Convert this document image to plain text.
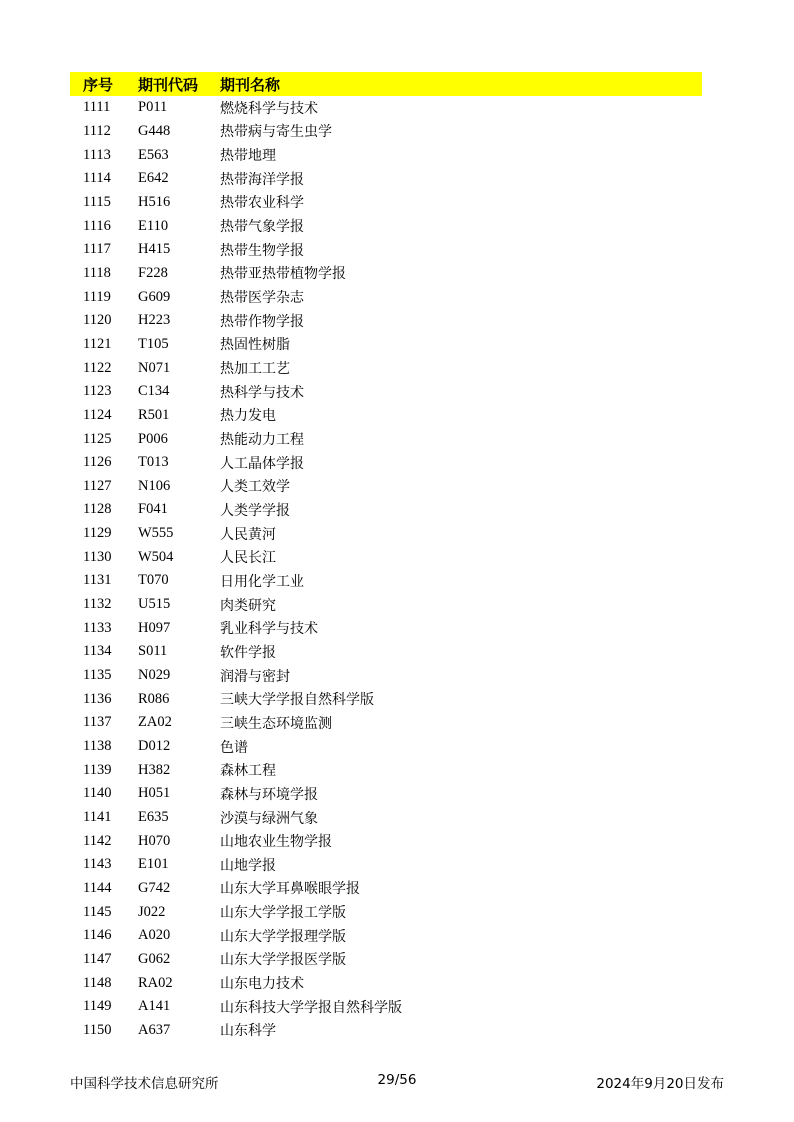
序号	期刊代码	期刊名称
1111	P011	燃烧科学与技术
1112	G448	热带病与寄生虫学
1113	E563	热带地理
1114	E642	热带海洋学报
1115	H516	热带农业科学
1116	E110	热带气象学报
1117	H415	热带生物学报
1118	F228	热带亚热带植物学报
1119	G609	热带医学杂志
1120	H223	热带作物学报
1121	T105	热固性树脂
1122	N071	热加工工艺
1123	C134	热科学与技术
1124	R501	热力发电
1125	P006	热能动力工程
1126	T013	人工晶体学报
1127	N106	人类工效学
1128	F041	人类学学报
1129	W555	人民黄河
1130	W504	人民长江
1131	T070	日用化学工业
1132	U515	肉类研究
1133	H097	乳业科学与技术
1134	S011	软件学报
1135	N029	润滑与密封
1136	R086	三峡大学学报自然科学版
1137	ZA02	三峡生态环境监测
1138	D012	色谱
1139	H382	森林工程
1140	H051	森林与环境学报
1141	E635	沙漠与绿洲气象
1142	H070	山地农业生物学报
1143	E101	山地学报
1144	G742	山东大学耳鼻喉眼学报
1145	J022	山东大学学报工学版
1146	A020	山东大学学报理学版
1147	G062	山东大学学报医学版
1148	RA02	山东电力技术
1149	A141	山东科技大学学报自然科学版
1150	A637	山东科学
中国科学技术信息研究所	29/56	2024年9月20日发布
